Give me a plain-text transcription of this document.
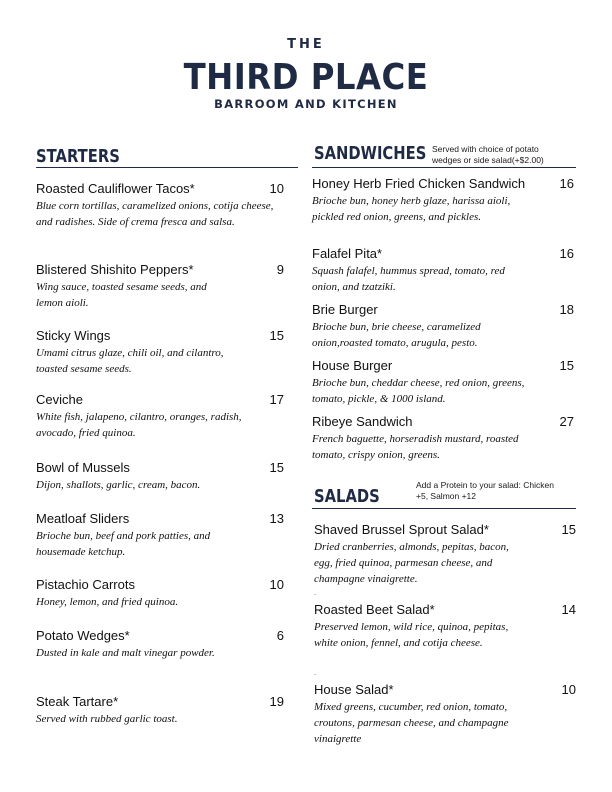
THE
THIRD PLACE
BARROOM AND KITCHEN
STARTERS
Roasted Cauliflower Tacos*	10
Blue corn tortillas, caramelized onions, cotija cheese, and radishes. Side of crema fresca and salsa.
Blistered Shishito Peppers*	9
Wing sauce, toasted sesame seeds, and lemon aioli.
Sticky Wings	15
Umami citrus glaze, chili oil, and cilantro, toasted sesame seeds.
Ceviche	17
White fish, jalapeno, cilantro, oranges, radish, avocado, fried quinoa.
Bowl of Mussels	15
Dijon, shallots, garlic, cream, bacon.
Meatloaf Sliders	13
Brioche bun, beef and pork patties, and housemade ketchup.
Pistachio Carrots	10
Honey, lemon, and fried quinoa.
Potato Wedges*	6
Dusted in kale and malt vinegar powder.
Steak Tartare*	19
Served with rubbed garlic toast.
SANDWICHES Served with choice of potato wedges or side salad(+$2.00)
Honey Herb Fried Chicken Sandwich	16
Brioche bun, honey herb glaze, harissa aioli, pickled red onion, greens, and pickles.
Falafel Pita*	16
Squash falafel, hummus spread, tomato, red onion, and tzatziki.
Brie Burger	18
Brioche bun, brie cheese, caramelized onion,roasted tomato, arugula, pesto.
House Burger	15
Brioche bun, cheddar cheese, red onion, greens, tomato, pickle, & 1000 island.
Ribeye Sandwich	27
French baguette, horseradish mustard, roasted tomato, crispy onion, greens.
SALADS
Add a Protein to your salad: Chicken +5, Salmon +12
Shaved Brussel Sprout Salad*	15
Dried cranberries, almonds, pepitas, bacon, egg, fried quinoa, parmesan cheese, and champagne vinaigrette.
.
Roasted Beet Salad*	14
Preserved lemon, wild rice, quinoa, pepitas, white onion, fennel, and cotija cheese.
.
House Salad*	10
Mixed greens, cucumber, red onion, tomato, croutons, parmesan cheese, and champagne vinaigrette
